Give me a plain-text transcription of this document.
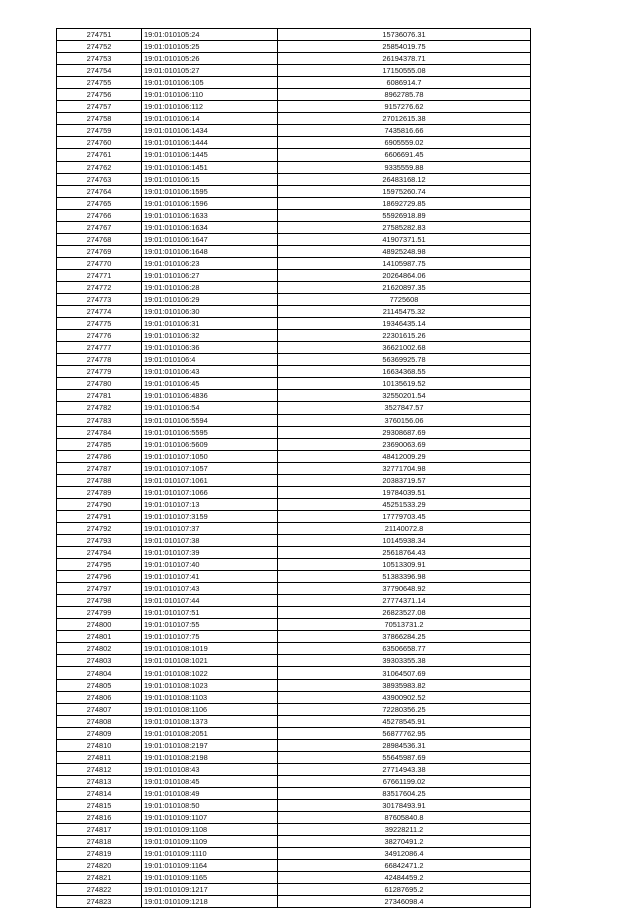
274751	19:01:010105:24	15736076.31
274752	19:01:010105:25	25854019.75
274753	19:01:010105:26	26194378.71
274754	19:01:010105:27	17150555.08
274755	19:01:010106:105	6086914.7
274756	19:01:010106:110	8962785.78
274757	19:01:010106:112	9157276.62
274758	19:01:010106:14	27012615.38
274759	19:01:010106:1434	7435816.66
274760	19:01:010106:1444	6905559.02
274761	19:01:010106:1445	6606691.45
274762	19:01:010106:1451	9335559.88
274763	19:01:010106:15	26483168.12
274764	19:01:010106:1595	15975260.74
274765	19:01:010106:1596	18692729.85
274766	19:01:010106:1633	55926918.89
274767	19:01:010106:1634	27585282.83
274768	19:01:010106:1647	41907371.51
274769	19:01:010106:1648	48925248.98
274770	19:01:010106:23	14105987.75
274771	19:01:010106:27	20264864.06
274772	19:01:010106:28	21620897.35
274773	19:01:010106:29	7725608
274774	19:01:010106:30	21145475.32
274775	19:01:010106:31	19346435.14
274776	19:01:010106:32	22301615.26
274777	19:01:010106:36	36621002.68
274778	19:01:010106:4	56369925.78
274779	19:01:010106:43	16634368.55
274780	19:01:010106:45	10135619.52
274781	19:01:010106:4836	32550201.54
274782	19:01:010106:54	3527847.57
274783	19:01:010106:5594	3760156.06
274784	19:01:010106:5595	29308687.69
274785	19:01:010106:5609	23690063.69
274786	19:01:010107:1050	48412009.29
274787	19:01:010107:1057	32771704.98
274788	19:01:010107:1061	20383719.57
274789	19:01:010107:1066	19784039.51
274790	19:01:010107:13	45251533.29
274791	19:01:010107:3159	17779703.45
274792	19:01:010107:37	21140072.8
274793	19:01:010107:38	10145938.34
274794	19:01:010107:39	25618764.43
274795	19:01:010107:40	10513309.91
274796	19:01:010107:41	51383396.98
274797	19:01:010107:43	37790648.92
274798	19:01:010107:44	27774371.14
274799	19:01:010107:51	26823527.08
274800	19:01:010107:55	70513731.2
274801	19:01:010107:75	37866284.25
274802	19:01:010108:1019	63506658.77
274803	19:01:010108:1021	39303355.38
274804	19:01:010108:1022	31064507.69
274805	19:01:010108:1023	38935983.82
274806	19:01:010108:1103	43900902.52
274807	19:01:010108:1106	72280356.25
274808	19:01:010108:1373	45278545.91
274809	19:01:010108:2051	56877762.95
274810	19:01:010108:2197	28984536.31
274811	19:01:010108:2198	55645987.69
274812	19:01:010108:43	27714943.38
274813	19:01:010108:45	67661199.02
274814	19:01:010108:49	83517604.25
274815	19:01:010108:50	30178493.91
274816	19:01:010109:1107	87605840.8
274817	19:01:010109:1108	39228211.2
274818	19:01:010109:1109	38270491.2
274819	19:01:010109:1110	34912086.4
274820	19:01:010109:1164	66842471.2
274821	19:01:010109:1165	42484459.2
274822	19:01:010109:1217	61287695.2
274823	19:01:010109:1218	27346098.4
